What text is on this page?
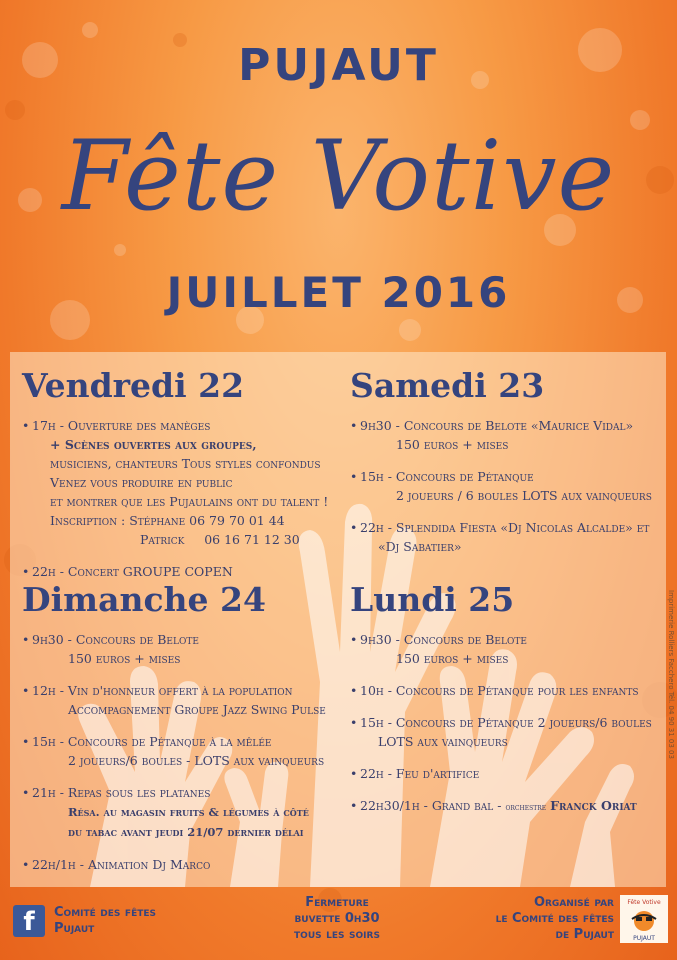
PUJAUT
Fête Votive
JUILLET 2016
Vendredi 22
• 17h - Ouverture des manèges
+ Scènes ouvertes aux groupes,
musiciens, chanteurs Tous styles confondus
Venez vous produire en public
et montrer que les Pujaulains ont du talent !
Inscription : Stéphane 06 79 70 01 44
Patrick     06 16 71 12 30
• 22h - Concert GROUPE COPEN
Samedi 23
• 9h30 - Concours de Belote «Maurice Vidal»
150 euros + mises
• 15h - Concours de Pétanque
2 joueurs / 6 boules LOTS aux vainqueurs
• 22h - Splendida Fiesta «Dj Nicolas Alcalde» et
«Dj Sabatier»
Dimanche 24
• 9h30 - Concours de Belote
150 euros + mises
• 12h - Vin d'honneur offert à la population
Accompagnement Groupe Jazz Swing Pulse
• 15h - Concours de Pétanque à la mêlée
2 joueurs/6 boules - LOTS aux vainqueurs
• 21h - Repas sous les platanes
Résa. au magasin fruits & légumes à côté
du tabac avant jeudi 21/07 dernier délai
• 22h/1h - Animation Dj Marco
Lundi 25
• 9h30 - Concours de Belote
150 euros + mises
• 10h - Concours de Pétanque pour les enfants
• 15h - Concours de Pétanque 2 joueurs/6 boules
LOTS aux vainqueurs
• 22h - Feu d'artifice
• 22h30/1h - Grand bal - orchestre Franck Oriat
Imprimerie Rolliers Facchero Tél. 04 90 31 03 03
f	Comité des fêtes
Pujaut
Fermeture
buvette 0h30
tous les soirs
Organisé par
le Comité des fêtes
de Pujaut
Fête Votive
PUJAUT
